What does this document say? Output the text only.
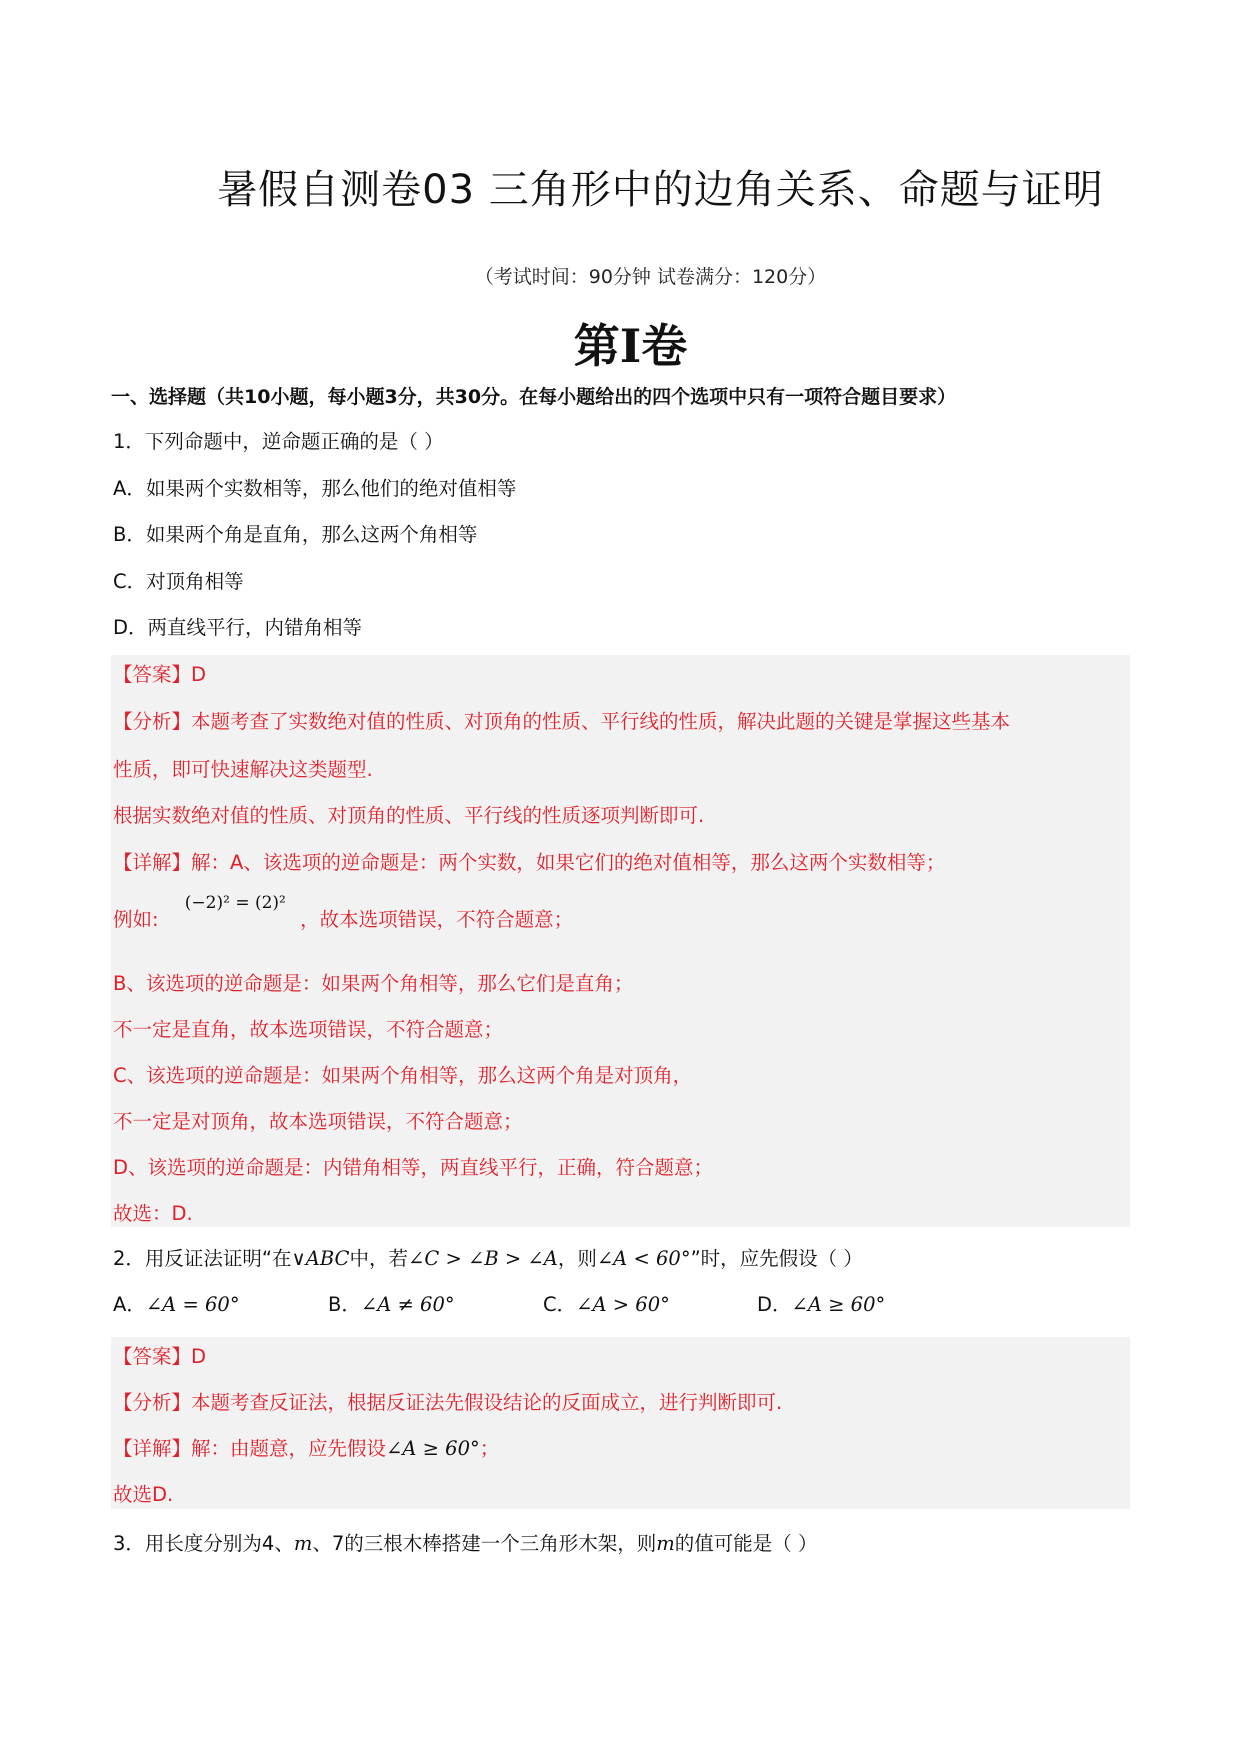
暑假自测卷03 三角形中的边角关系、命题与证明
（考试时间：90分钟 试卷满分：120分）
第Ⅰ卷
一、选择题（共10小题，每小题3分，共30分。在每小题给出的四个选项中只有一项符合题目要求）
1．下列命题中，逆命题正确的是（ ）
A．如果两个实数相等，那么他们的绝对值相等
B．如果两个角是直角，那么这两个角相等
C．对顶角相等
D．两直线平行，内错角相等
【答案】D
【分析】本题考查了实数绝对值的性质、对顶角的性质、平行线的性质，解决此题的关键是掌握这些基本
性质，即可快速解决这类题型.
根据实数绝对值的性质、对顶角的性质、平行线的性质逐项判断即可.
【详解】解：A、该选项的逆命题是：两个实数，如果它们的绝对值相等，那么这两个实数相等；
例如: (−2)² = (2)² ，故本选项错误，不符合题意；
B、该选项的逆命题是：如果两个角相等，那么它们是直角；
不一定是直角，故本选项错误，不符合题意；
C、该选项的逆命题是：如果两个角相等，那么这两个角是对顶角，
不一定是对顶角，故本选项错误，不符合题意；
D、该选项的逆命题是：内错角相等，两直线平行，正确，符合题意；
故选：D.
2．用反证法证明“在∨ABC中，若∠C > ∠B > ∠A，则∠A < 60°”时，应先假设（ ）
A．∠A = 60°	B．∠A ≠ 60°	C．∠A > 60°	D．∠A ≥ 60°
【答案】D
【分析】本题考查反证法，根据反证法先假设结论的反面成立，进行判断即可.
【详解】解：由题意，应先假设∠A ≥ 60°；
故选D.
3．用长度分别为4、m、7的三根木棒搭建一个三角形木架，则m的值可能是（ ）
